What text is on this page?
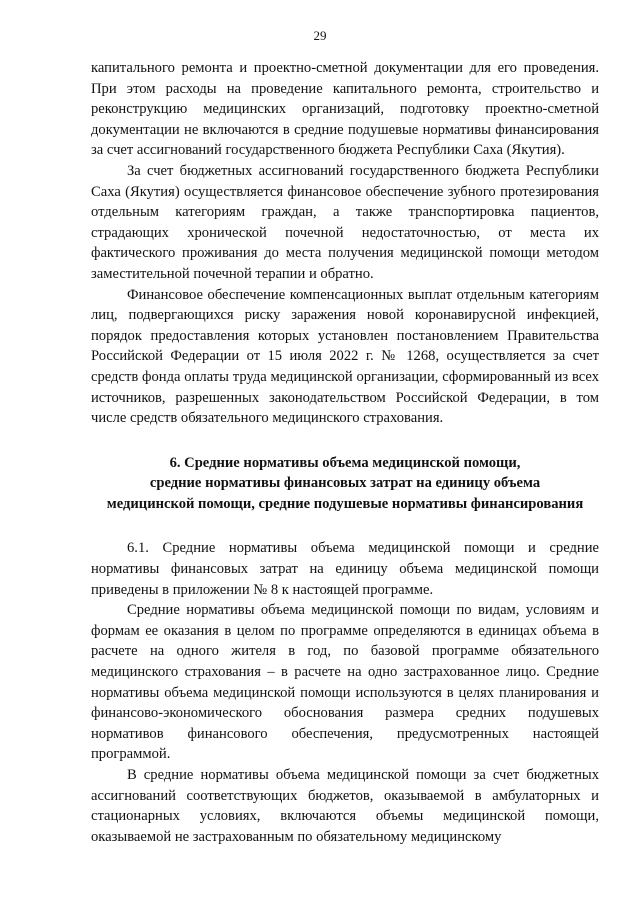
29

капитального ремонта и проектно-сметной документации для его проведения. При этом расходы на проведение капитального ремонта, строительство и реконструкцию медицинских организаций, подготовку проектно-сметной документации не включаются в средние подушевые нормативы финансирования за счет ассигнований государственного бюджета Республики Саха (Якутия).

За счет бюджетных ассигнований государственного бюджета Республики Саха (Якутия) осуществляется финансовое обеспечение зубного протезирования отдельным категориям граждан, а также транспортировка пациентов, страдающих хронической почечной недостаточностью, от места их фактического проживания до места получения медицинской помощи методом заместительной почечной терапии и обратно.

Финансовое обеспечение компенсационных выплат отдельным категориям лиц, подвергающихся риску заражения новой коронавирусной инфекцией, порядок предоставления которых установлен постановлением Правительства Российской Федерации от 15 июля 2022 г. № 1268, осуществляется за счет средств фонда оплаты труда медицинской организации, сформированный из всех источников, разрешенных законодательством Российской Федерации, в том числе средств обязательного медицинского страхования.

6. Средние нормативы объема медицинской помощи,
средние нормативы финансовых затрат на единицу объема
медицинской помощи, средние подушевые нормативы финансирования

6.1. Средние нормативы объема медицинской помощи и средние нормативы финансовых затрат на единицу объема медицинской помощи приведены в приложении № 8 к настоящей программе.

Средние нормативы объема медицинской помощи по видам, условиям и формам ее оказания в целом по программе определяются в единицах объема в расчете на одного жителя в год, по базовой программе обязательного медицинского страхования – в расчете на одно застрахованное лицо. Средние нормативы объема медицинской помощи используются в целях планирования и финансово-экономического обоснования размера средних подушевых нормативов финансового обеспечения, предусмотренных настоящей программой.

В средние нормативы объема медицинской помощи за счет бюджетных ассигнований соответствующих бюджетов, оказываемой в амбулаторных и стационарных условиях, включаются объемы медицинской помощи, оказываемой не застрахованным по обязательному медицинскому
